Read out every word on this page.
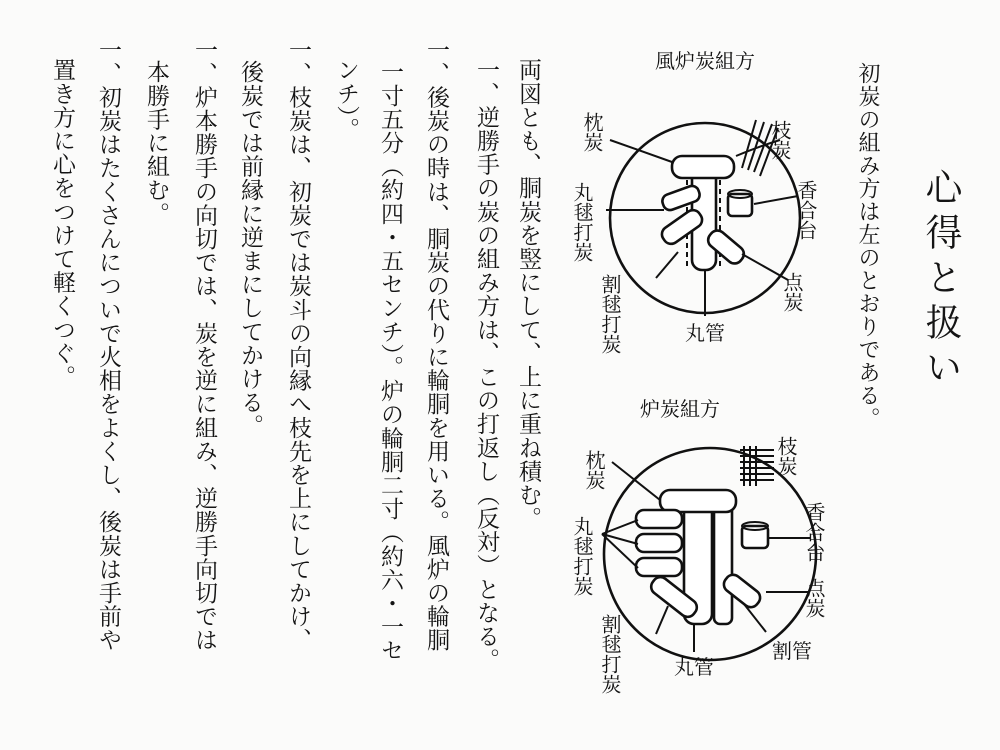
心得と扱い
初炭の組み方は左のとおりである。
風炉炭組方
枝炭
枕炭
香合台
丸毬打炭
点炭
割毬打炭	丸管
炉炭組方
枝炭
枕炭
香合台
丸毬打炭
点炭
割管
割毬打炭	丸管
両図とも、胴炭を竪にして、上に重ね積む。
一、逆勝手の炭の組み方は、この打返し（反対）となる。
一、後炭の時は、胴炭の代りに輪胴を用いる。風炉の輪胴
一寸五分（約四・五センチ）。炉の輪胴二寸（約六・一セ
ンチ）。
一、枝炭は、初炭では炭斗の向縁へ枝先を上にしてかけ、
後炭では前縁に逆まにしてかける。
一、炉本勝手の向切では、炭を逆に組み、逆勝手向切では
本勝手に組む。
一、初炭はたくさんについで火相をよくし、後炭は手前や
置き方に心をつけて軽くつぐ。
